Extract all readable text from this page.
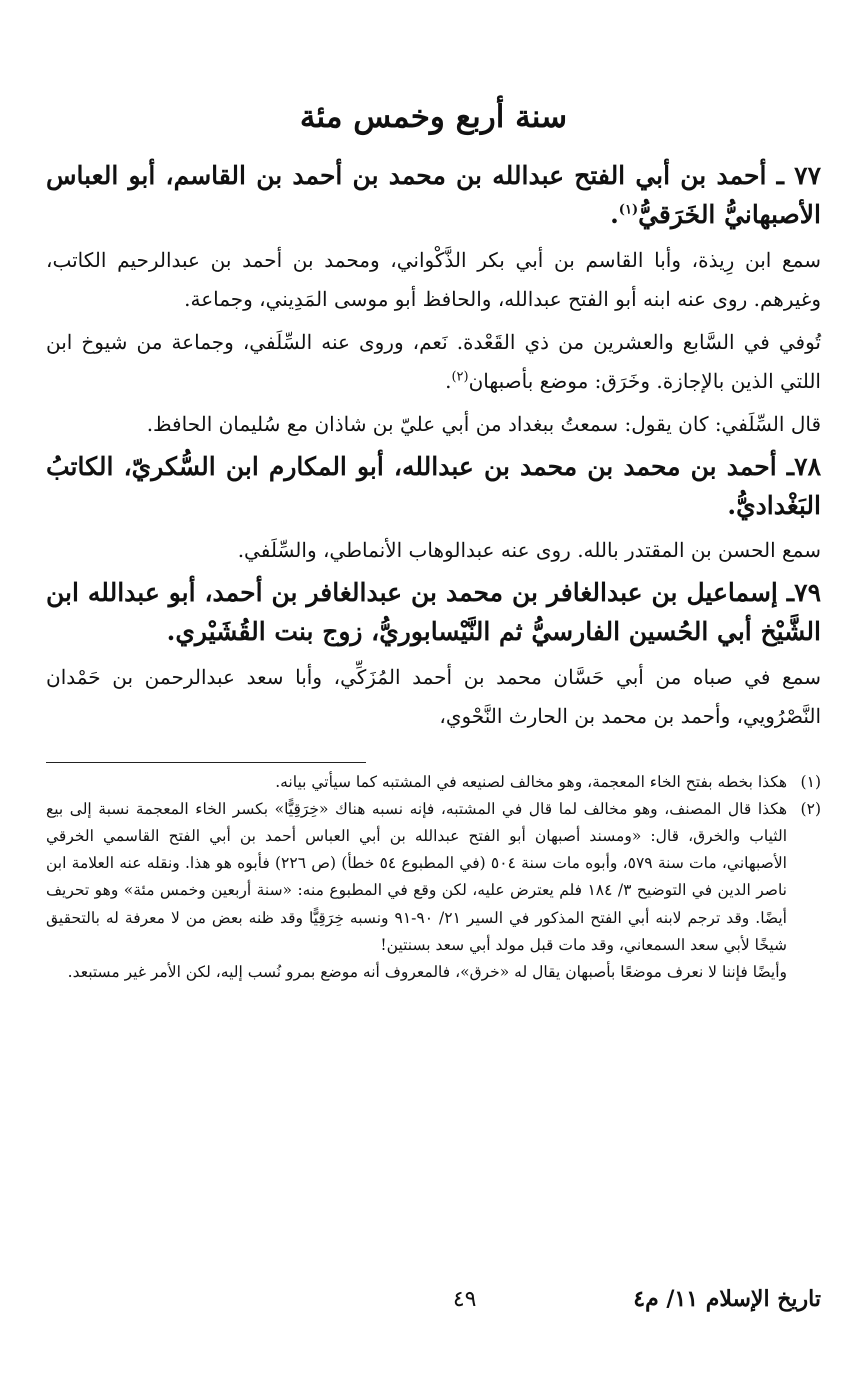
سنة أربع وخمس مئة

٧٧ ـ أحمد بن أبي الفتح عبدالله بن محمد بن أحمد بن القاسم، أبو العباس الأصبهانيُّ الخَرَقيُّ$^{(١)}$.

سمع ابن رِيذة، وأبا القاسم بن أبي بكر الذَّكْواني، ومحمد بن أحمد بن عبدالرحيم الكاتب، وغيرهم. روى عنه ابنه أبو الفتح عبدالله، والحافظ أبو موسى المَدِيني، وجماعة.

تُوفي في السَّابع والعشرين من ذي القَعْدة. نَعم، وروى عنه السِّلَفي، وجماعة من شيوخ ابن اللتي الذين بالإجازة. وخَرَق: موضع بأصبهان$^{(٢)}$.

قال السِّلَفي: كان يقول: سمعتُ ببغداد من أبي عليّ بن شاذان مع سُليمان الحافظ.

٧٨ـ أحمد بن محمد بن محمد بن عبدالله، أبو المكارم ابن السُّكريّ، الكاتبُ البَغْداديُّ.

سمع الحسن بن المقتدر بالله. روى عنه عبدالوهاب الأنماطي، والسِّلَفي.

٧٩ـ إسماعيل بن عبدالغافر بن محمد بن عبدالغافر بن أحمد، أبو عبدالله ابن الشَّيْخ أبي الحُسين الفارسيُّ ثم النَّيْسابوريُّ، زوج بنت القُشَيْري.

سمع في صباه من أبي حَسَّان محمد بن أحمد المُزَكِّي، وأبا سعد عبدالرحمن بن حَمْدان النَّصْرُويي، وأحمد بن محمد بن الحارث النَّحْوي،

(١)
هكذا بخطه بفتح الخاء المعجمة، وهو مخالف لصنيعه في المشتبه كما سيأتي بيانه.
(٢)
هكذا قال المصنف، وهو مخالف لما قال في المشتبه، فإنه نسبه هناك «خِرَقِيًّا» بكسر الخاء المعجمة نسبة إلى بيع الثياب والخرق، قال: «ومسند أصبهان أبو الفتح عبدالله بن أبي العباس أحمد بن أبي الفتح القاسمي الخرقي الأصبهاني، مات سنة ٥٧٩، وأبوه مات سنة ٥٠٤ (في المطبوع ٥٤ خطأ) (ص ٢٢٦) فأبوه هو هذا. ونقله عنه العلامة ابن ناصر الدين في التوضيح ٣/ ١٨٤ فلم يعترض عليه، لكن وقع في المطبوع منه: «سنة أربعين وخمس مئة» وهو تحريف أيضًا. وقد ترجم لابنه أبي الفتح المذكور في السير ٢١/ ٩٠-٩١ ونسبه خِرَقِيًّا وقد ظنه بعض من لا معرفة له بالتحقيق شيخًا لأبي سعد السمعاني، وقد مات قبل مولد أبي سعد بسنتين!
وأيضًا فإننا لا نعرف موضعًا بأصبهان يقال له «خرق»، فالمعروف أنه موضع بمرو نُسب إليه، لكن الأمر غير مستبعد.
تاريخ الإسلام ١١/ م٤
٤٩
